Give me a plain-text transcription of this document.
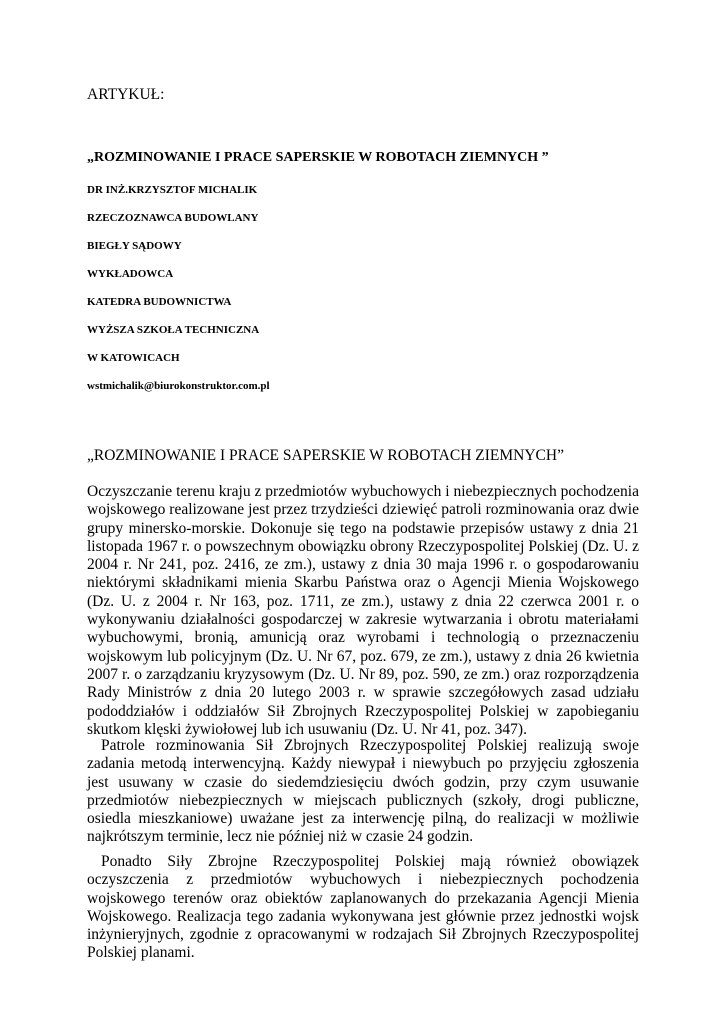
ARTYKUŁ:
„ROZMINOWANIE I PRACE SAPERSKIE W ROBOTACH ZIEMNYCH ”
DR INŻ.KRZYSZTOF MICHALIK
RZECZOZNAWCA BUDOWLANY
BIEGŁY SĄDOWY
WYKŁADOWCA
KATEDRA BUDOWNICTWA
WYŻSZA SZKOŁA TECHNICZNA
W KATOWICACH
wstmichalik@biurokonstruktor.com.pl
„ROZMINOWANIE I PRACE SAPERSKIE W ROBOTACH ZIEMNYCH”

Oczyszczanie terenu kraju z przedmiotów wybuchowych i niebezpiecznych pochodzenia wojskowego realizowane jest przez trzydzieści dziewięć patroli rozminowania oraz dwie grupy minersko-morskie. Dokonuje się tego na podstawie przepisów ustawy z dnia 21 listopada 1967 r. o powszechnym obowiązku obrony Rzeczypospolitej Polskiej (Dz. U. z 2004 r. Nr 241, poz. 2416, ze zm.), ustawy z dnia 30 maja 1996 r. o gospodarowaniu niektórymi składnikami mienia Skarbu Państwa oraz o Agencji Mienia Wojskowego (Dz. U. z 2004 r. Nr 163, poz. 1711, ze zm.), ustawy z dnia 22 czerwca 2001 r. o wykonywaniu działalności gospodarczej w zakresie wytwarzania i obrotu materiałami wybuchowymi, bronią, amunicją oraz wyrobami i technologią o przeznaczeniu wojskowym lub policyjnym (Dz. U. Nr 67, poz. 679, ze zm.), ustawy z dnia 26 kwietnia 2007 r. o zarządzaniu kryzysowym (Dz. U. Nr 89, poz. 590, ze zm.) oraz rozporządzenia Rady Ministrów z dnia 20 lutego 2003 r. w sprawie szczegółowych zasad udziału pododdziałów i oddziałów Sił Zbrojnych Rzeczypospolitej Polskiej w zapobieganiu skutkom klęski żywiołowej lub ich usuwaniu (Dz. U. Nr 41, poz. 347).

Patrole rozminowania Sił Zbrojnych Rzeczypospolitej Polskiej realizują swoje zadania metodą interwencyjną. Każdy niewypał i niewybuch po przyjęciu zgłoszenia jest usuwany w czasie do siedemdziesięciu dwóch godzin, przy czym usuwanie przedmiotów niebezpiecznych w miejscach publicznych (szkoły, drogi publiczne, osiedla mieszkaniowe) uważane jest za interwencję pilną, do realizacji w możliwie najkrótszym terminie, lecz nie później niż w czasie 24 godzin.

Ponadto Siły Zbrojne Rzeczypospolitej Polskiej mają również obowiązek oczyszczenia z przedmiotów wybuchowych i niebezpiecznych pochodzenia wojskowego terenów oraz obiektów zaplanowanych do przekazania Agencji Mienia Wojskowego. Realizacja tego zadania wykonywana jest głównie przez jednostki wojsk inżynieryjnych, zgodnie z opracowanymi w rodzajach Sił Zbrojnych Rzeczypospolitej Polskiej planami.
